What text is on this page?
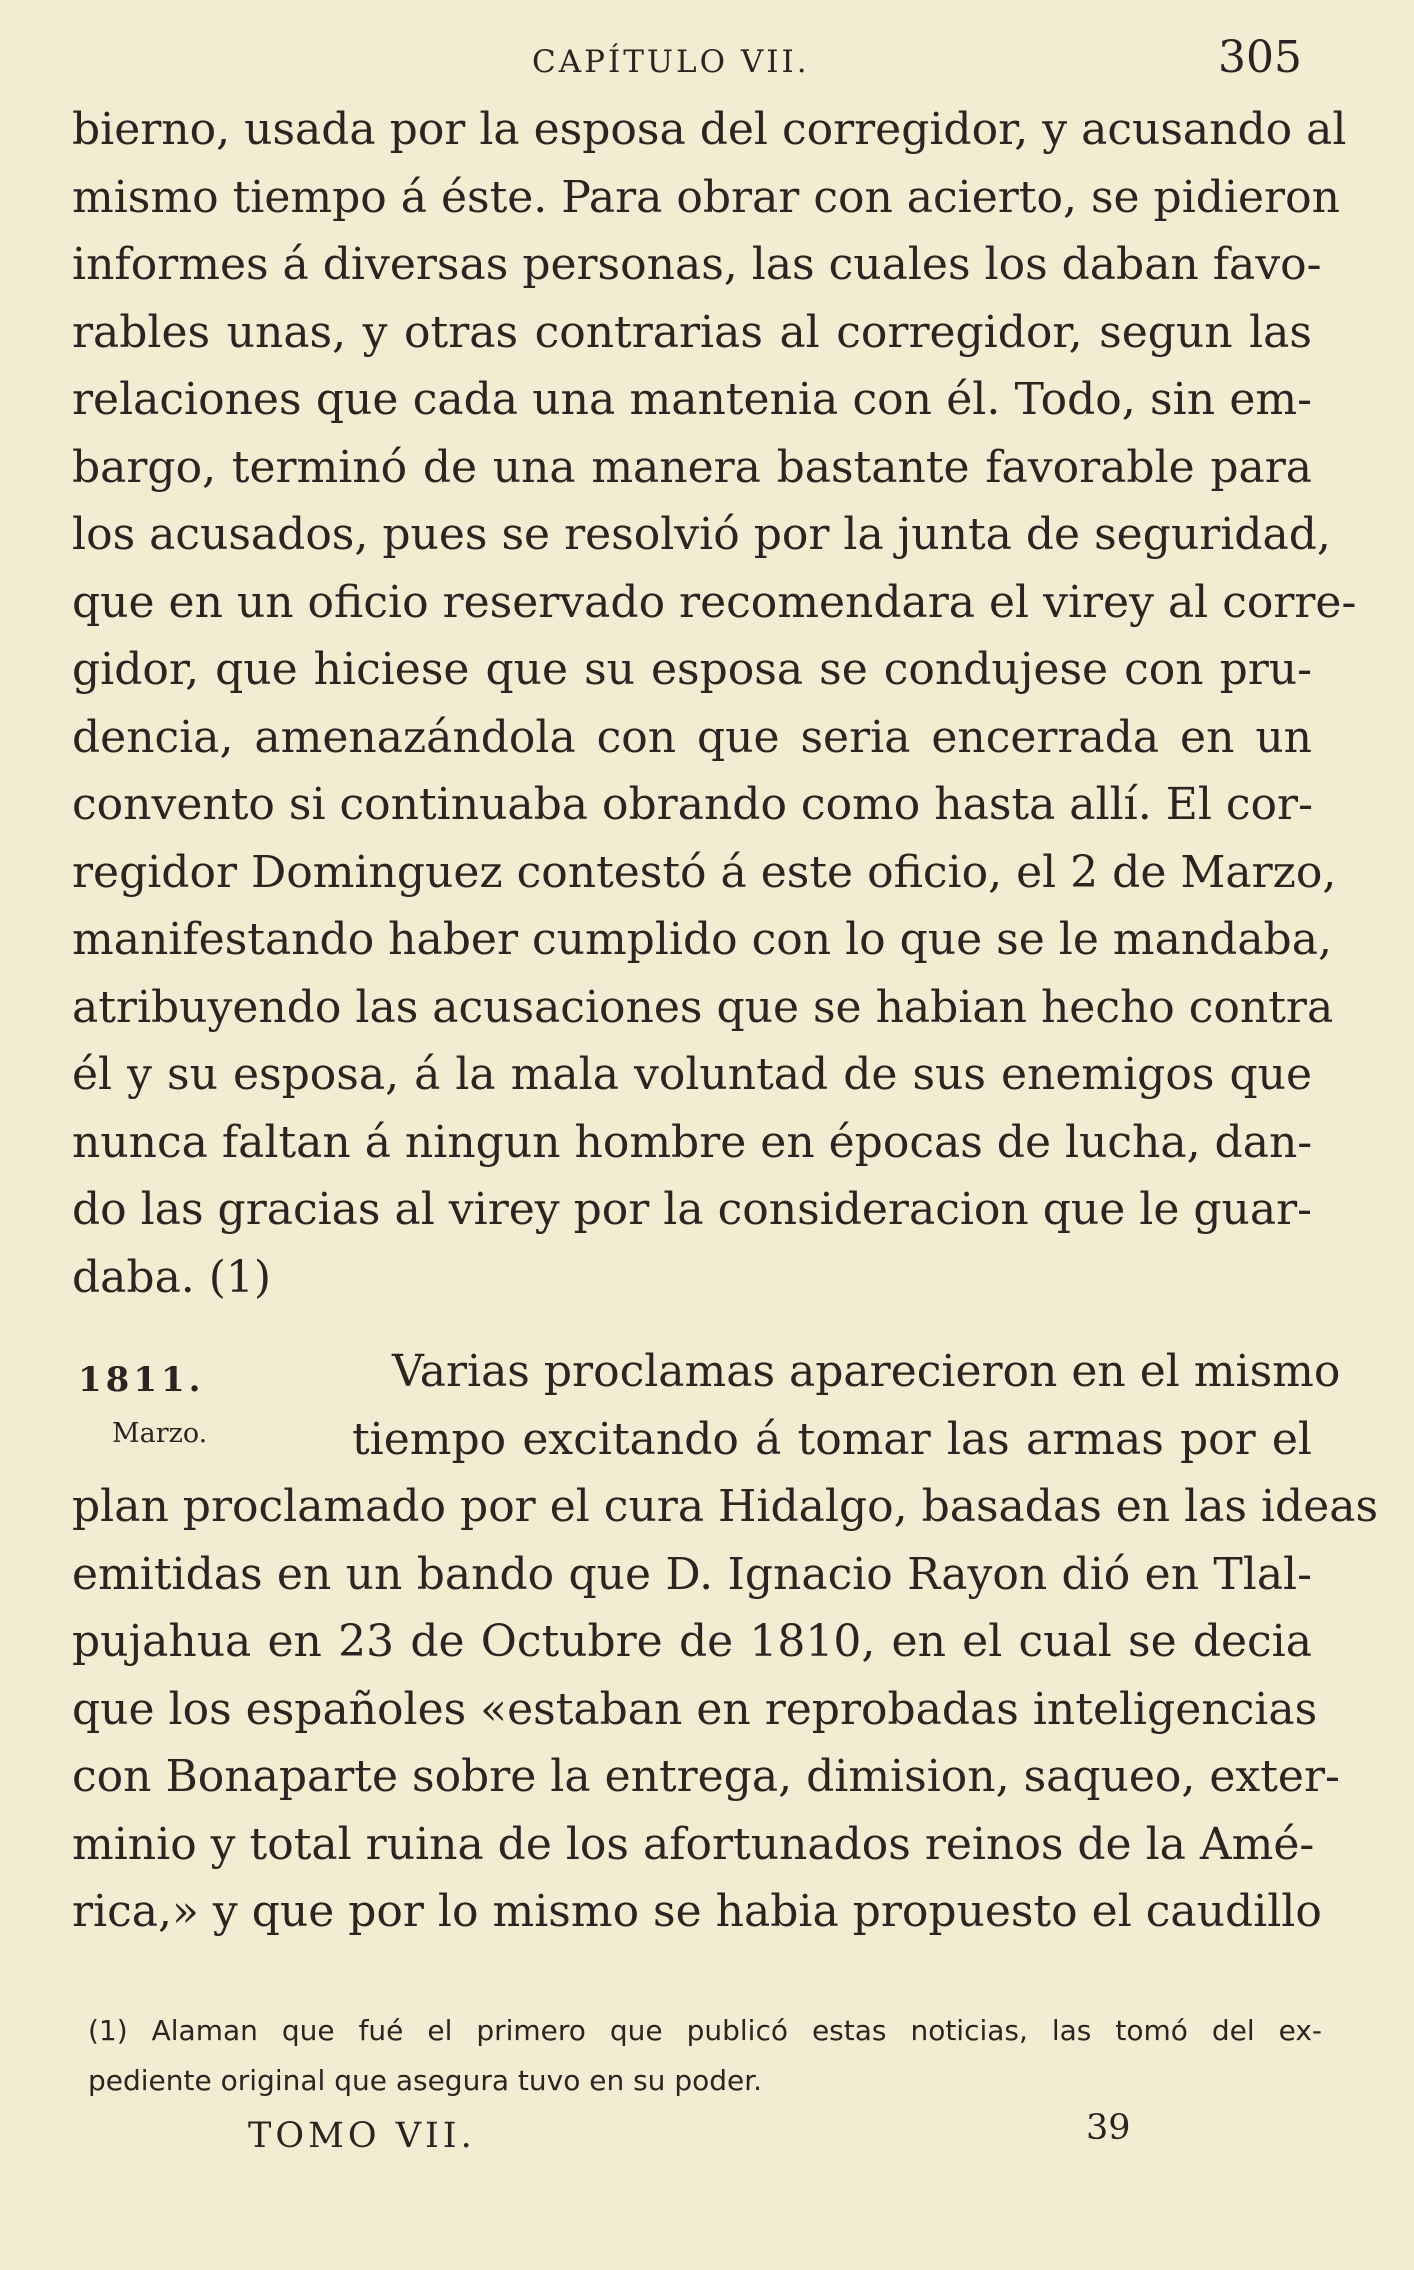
CAPÍTULO VII.	305
bierno, usada por la esposa del corregidor, y acusando al
mismo tiempo á éste. Para obrar con acierto, se pidieron
informes á diversas personas, las cuales los daban favo-
rables unas, y otras contrarias al corregidor, segun las
relaciones que cada una mantenia con él. Todo, sin em-
bargo, terminó de una manera bastante favorable para
los acusados, pues se resolvió por la junta de seguridad,
que en un oficio reservado recomendara el virey al corre-
gidor, que hiciese que su esposa se condujese con pru-
dencia, amenazándola con que seria encerrada en un
convento si continuaba obrando como hasta allí. El cor-
regidor Dominguez contestó á este oficio, el 2 de Marzo,
manifestando haber cumplido con lo que se le mandaba,
atribuyendo las acusaciones que se habian hecho contra
él y su esposa, á la mala voluntad de sus enemigos que
nunca faltan á ningun hombre en épocas de lucha, dan-
do las gracias al virey por la consideracion que le guar-
daba. (1)
1811.
Marzo.
Varias proclamas aparecieron en el mismo
tiempo excitando á tomar las armas por el
plan proclamado por el cura Hidalgo, basadas en las ideas
emitidas en un bando que D. Ignacio Rayon dió en Tlal-
pujahua en 23 de Octubre de 1810, en el cual se decia
que los españoles «estaban en reprobadas inteligencias
con Bonaparte sobre la entrega, dimision, saqueo, exter-
minio y total ruina de los afortunados reinos de la Amé-
rica,» y que por lo mismo se habia propuesto el caudillo
(1) Alaman que fué el primero que publicó estas noticias, las tomó del ex-
pediente original que asegura tuvo en su poder.
TOMO VII.	39
